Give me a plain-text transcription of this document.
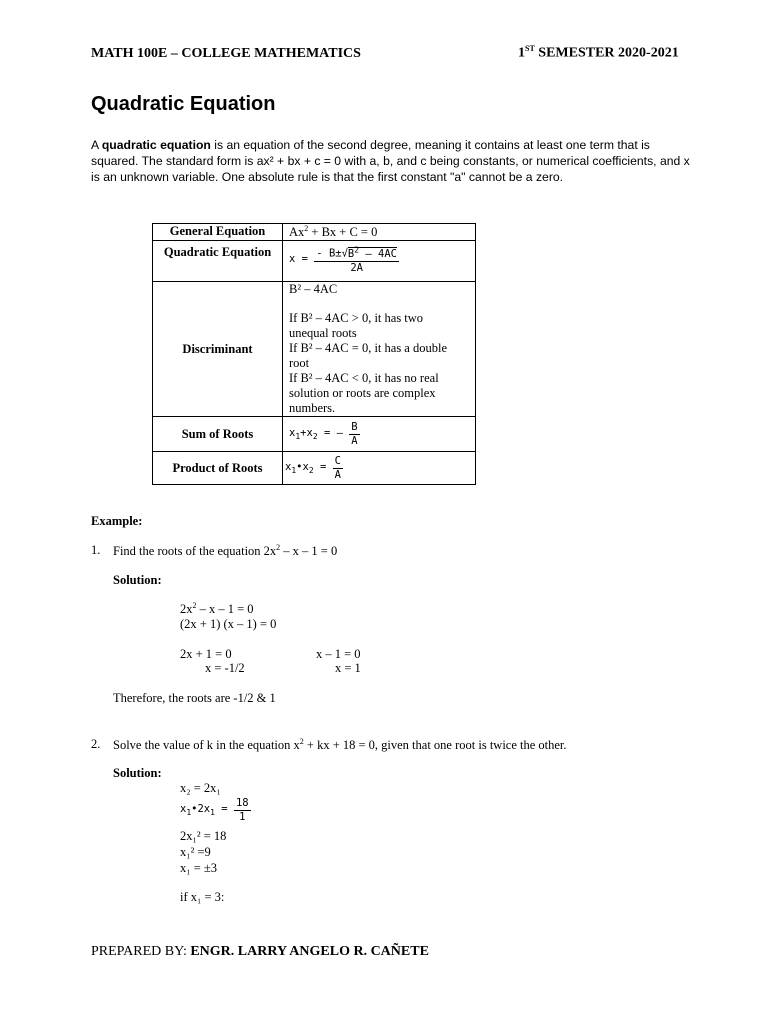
MATH 100E – COLLEGE MATHEMATICS	1ST SEMESTER 2020-2021
Quadratic Equation
A quadratic equation is an equation of the second degree, meaning it contains at least one term that is squared. The standard form is ax² + bx + c = 0 with a, b, and c being constants, or numerical coefficients, and x is an unknown variable. One absolute rule is that the first constant "a" cannot be a zero.
General Equation	$Ax^2 + Bx + C = 0$
Quadratic Equation	$x = \frac{- B\pm√B^2 - 4AC}{2A}$

Discriminant	B² – 4AC
If B² – 4AC > 0, it has two unequal roots
If B² – 4AC = 0, it has a double root
If B² – 4AC < 0, it has no real solution or roots are complex numbers.

Sum of Roots	$x_1+x_2$ = – $\frac{B}{A}$

Product of Roots	$x_1•x_2 = \frac{C}{A}$
Example:
1. Find the roots of the equation $2x^2 - x - 1 = 0$
Solution:
$2x^2 - x - 1 = 0$
(2x + 1) (x – 1) = 0
2x + 1 = 0
x = -1/2
x – 1 = 0
x = 1
Therefore, the roots are -1/2 & 1
2. Solve the value of k in the equation $x^2$ + kx + 18 = 0, given that one root is twice the other.
Solution:
x₂ = 2x₁
$x_1•2x_1 = \frac{18}{1}$
2x₁² = 18
x₁² =9
x₁ = ±3
if x₁ = 3:
PREPARED BY: ENGR. LARRY ANGELO R. CAÑETE
